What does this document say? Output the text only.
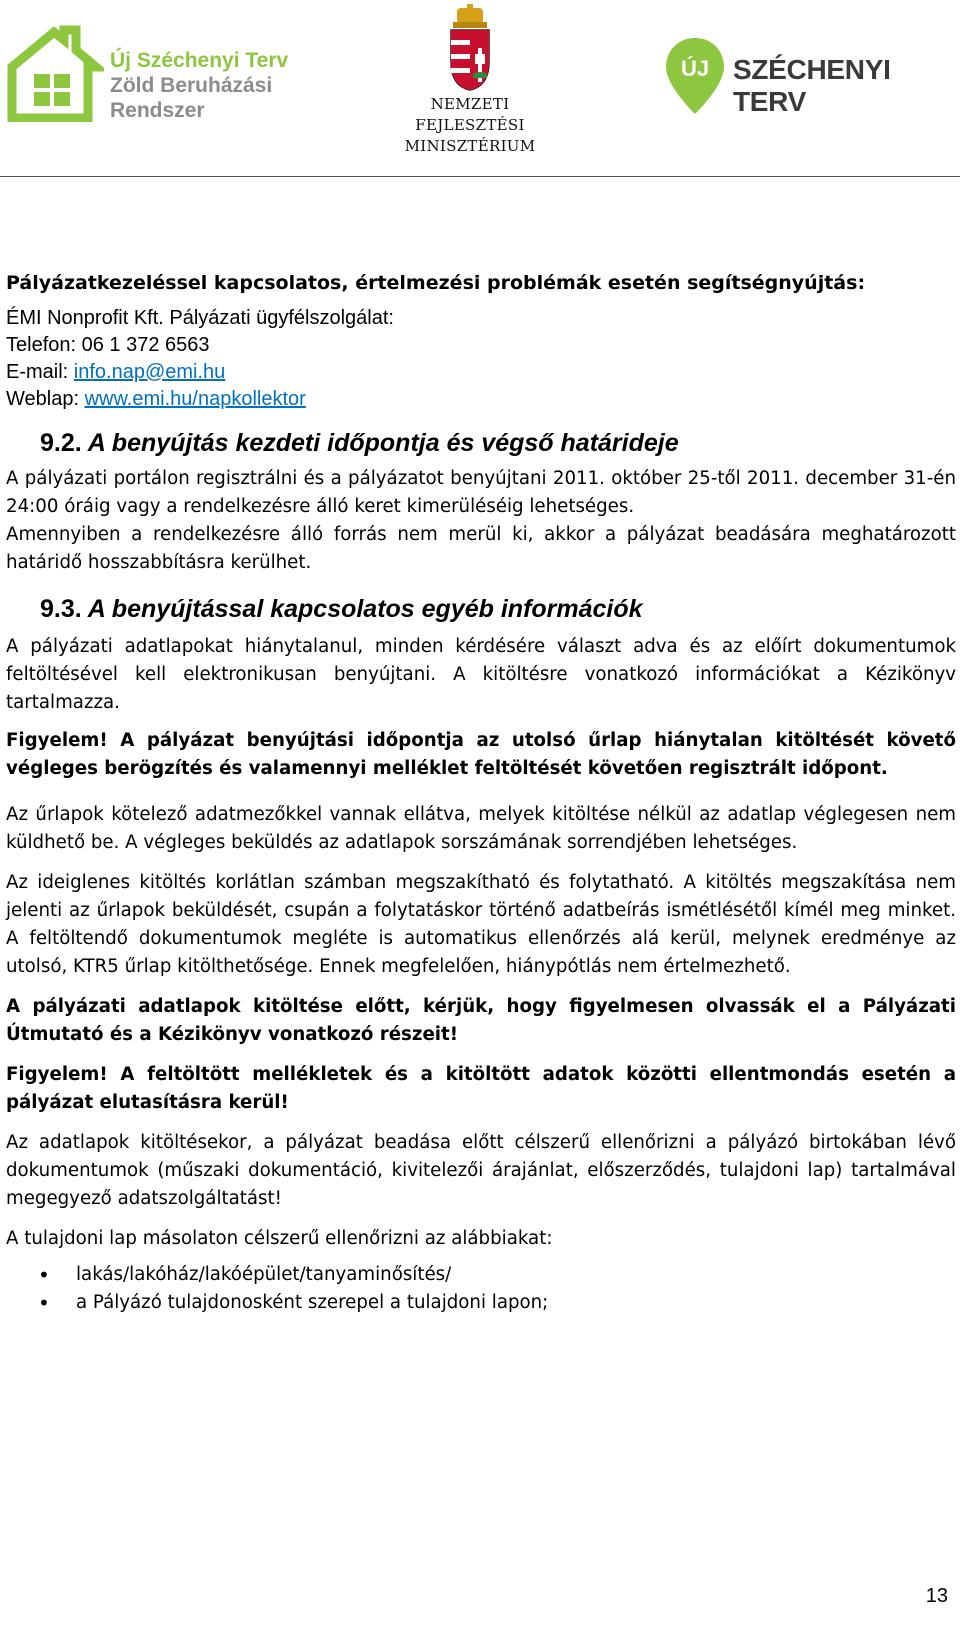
Új Széchenyi Terv
Zöld Beruházási
Rendszer	NEMZETI FEJLESZTÉSI
MINISZTÉRIUM
ÚJ SZÉCHENYI TERV

Pályázatkezeléssel kapcsolatos, értelmezési problémák esetén segítségnyújtás:

ÉMI Nonprofit Kft. Pályázati ügyfélszolgálat:
Telefon: 06 1 372 6563
E-mail: info.nap@emi.hu
Weblap: www.emi.hu/napkollektor
9.2. A benyújtás kezdeti időpontja és végső határideje

A pályázati portálon regisztrálni és a pályázatot benyújtani 2011. október 25-től 2011. december 31-én 24:00 óráig vagy a rendelkezésre álló keret kimerüléséig lehetséges.

Amennyiben a rendelkezésre álló forrás nem merül ki, akkor a pályázat beadására meghatározott határidő hosszabbításra kerülhet.

9.3. A benyújtással kapcsolatos egyéb információk

A pályázati adatlapokat hiánytalanul, minden kérdésére választ adva és az előírt dokumentumok feltöltésével kell elektronikusan benyújtani. A kitöltésre vonatkozó információkat a Kézikönyv tartalmazza.

Figyelem! A pályázat benyújtási időpontja az utolsó űrlap hiánytalan kitöltését követő végleges berögzítés és valamennyi melléklet feltöltését követően regisztrált időpont.

Az űrlapok kötelező adatmezőkkel vannak ellátva, melyek kitöltése nélkül az adatlap véglegesen nem küldhető be. A végleges beküldés az adatlapok sorszámának sorrendjében lehetséges.

Az ideiglenes kitöltés korlátlan számban megszakítható és folytatható. A kitöltés megszakítása nem jelenti az űrlapok beküldését, csupán a folytatáskor történő adatbeírás ismétlésétől kímél meg minket. A feltöltendő dokumentumok megléte is automatikus ellenőrzés alá kerül, melynek eredménye az utolsó, KTR5 űrlap kitölthetősége. Ennek megfelelően, hiánypótlás nem értelmezhető.

A pályázati adatlapok kitöltése előtt, kérjük, hogy figyelmesen olvassák el a Pályázati Útmutató és a Kézikönyv vonatkozó részeit!

Figyelem! A feltöltött mellékletek és a kitöltött adatok közötti ellentmondás esetén a pályázat elutasításra kerül!

Az adatlapok kitöltésekor, a pályázat beadása előtt célszerű ellenőrizni a pályázó birtokában lévő dokumentumok (műszaki dokumentáció, kivitelezői árajánlat, előszerződés, tulajdoni lap) tartalmával megegyező adatszolgáltatást!

A tulajdoni lap másolaton célszerű ellenőrizni az alábbiakat:

• lakás/lakóház/lakóépület/tanyaminősítés/
• a Pályázó tulajdonosként szerepel a tulajdoni lapon;
13
